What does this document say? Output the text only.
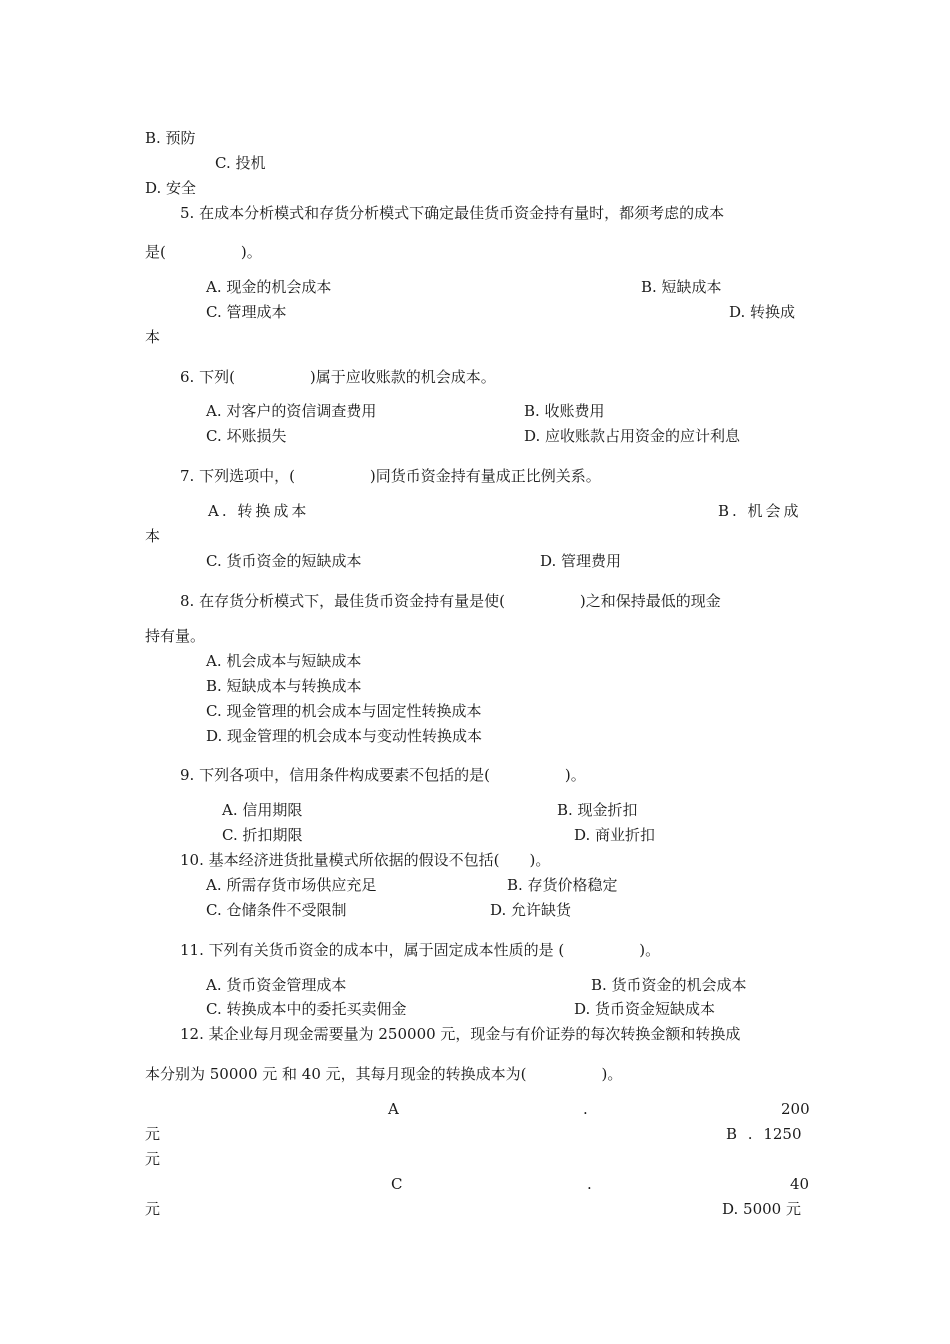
B. 预防
C. 投机
D. 安全
5. 在成本分析模式和存货分析模式下确定最佳货币资金持有量时，都须考虑的成本
是(　　　　　)。
A. 现金的机会成本	B. 短缺成本
C. 管理成本	D. 转换成
本
6. 下列(　　　　　)属于应收账款的机会成本。
A. 对客户的资信调查费用	B. 收账费用
C. 坏账损失	D. 应收账款占用资金的应计利息
7. 下列选项中，(　　　　　)同货币资金持有量成正比例关系。
A. 转换成本	B. 机会成
本
C. 货币资金的短缺成本	D. 管理费用
8. 在存货分析模式下，最佳货币资金持有量是使(　　　　　)之和保持最低的现金
持有量。
A. 机会成本与短缺成本
B. 短缺成本与转换成本
C. 现金管理的机会成本与固定性转换成本
D. 现金管理的机会成本与变动性转换成本
9. 下列各项中，信用条件构成要素不包括的是(　　　　　)。
A. 信用期限	B. 现金折扣
C. 折扣期限	D. 商业折扣
10. 基本经济进货批量模式所依据的假设不包括(　　)。
A. 所需存货市场供应充足	B. 存货价格稳定
C. 仓储条件不受限制	D. 允许缺货
11. 下列有关货币资金的成本中，属于固定成本性质的是 (　　　　　)。
A. 货币资金管理成本	B. 货币资金的机会成本
C. 转换成本中的委托买卖佣金	D. 货币资金短缺成本
12. 某企业每月现金需要量为 250000 元，现金与有价证券的每次转换金额和转换成
本分别为 50000 元 和 40 元，其每月现金的转换成本为(　　　　　)。
A	.	200
元	B . 1250
元
C	.	40
元	D. 5000 元
